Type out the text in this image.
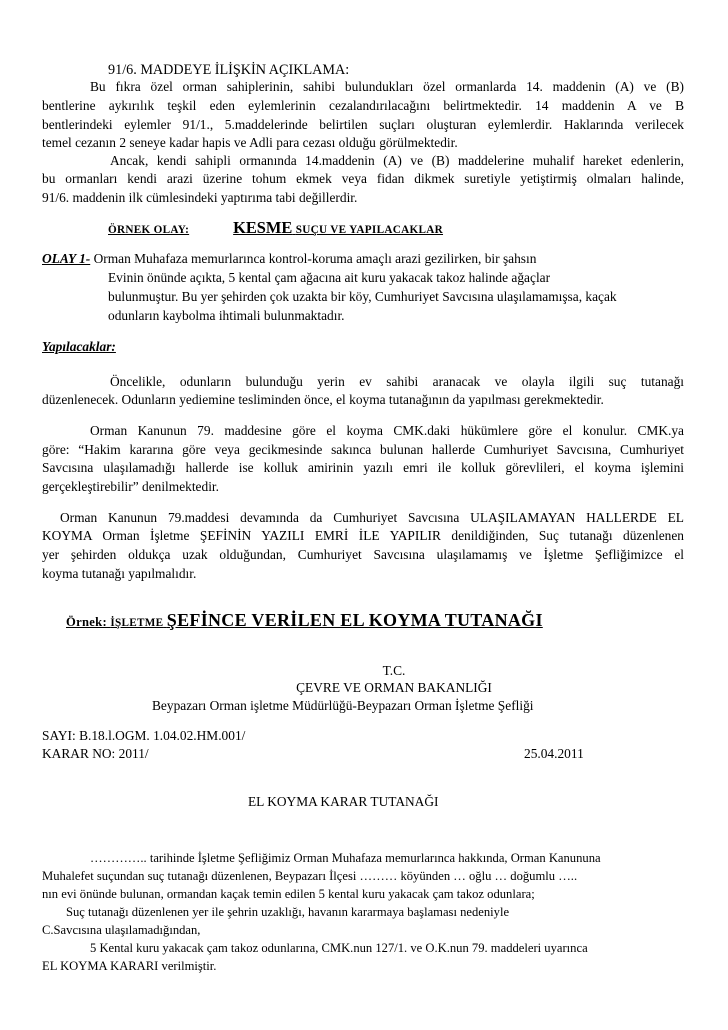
91/6. MADDEYE İLİŞKİN AÇIKLAMA:
Bu fıkra özel orman sahiplerinin, sahibi bulundukları özel ormanlarda 14. maddenin (A) ve (B)
bentlerine aykırılık teşkil eden eylemlerinin cezalandırılacağını belirtmektedir. 14 maddenin A ve B
bentlerindeki eylemler 91/1., 5.maddelerinde belirtilen suçları oluşturan eylemlerdir. Haklarında verilecek
temel cezanın 2 seneye kadar hapis ve Adli para cezası olduğu görülmektedir.
Ancak, kendi sahipli ormanında 14.maddenin (A) ve (B) maddelerine muhalif hareket edenlerin,
bu ormanları kendi arazi üzerine tohum ekmek veya fidan dikmek suretiyle yetiştirmiş olmaları halinde,
91/6. maddenin ilk cümlesindeki yaptırıma tabi değillerdir.
ÖRNEK OLAY:	KESME SUÇU VE YAPILACAKLAR
OLAY 1- Orman Muhafaza memurlarınca kontrol-koruma amaçlı arazi gezilirken, bir şahsın
Evinin önünde açıkta, 5 kental çam ağacına ait kuru yakacak takoz halinde ağaçlar
bulunmuştur. Bu yer şehirden çok uzakta bir köy, Cumhuriyet Savcısına ulaşılamamışsa, kaçak
odunların kaybolma ihtimali bulunmaktadır.
Yapılacaklar:
Öncelikle, odunların bulunduğu yerin ev sahibi aranacak ve olayla ilgili suç tutanağı
düzenlenecek. Odunların yediemine tesliminden önce, el koyma tutanağının da yapılması gerekmektedir.
Orman Kanunun 79. maddesine göre el koyma CMK.daki hükümlere göre el konulur. CMK.ya
göre: “Hakim kararına göre veya gecikmesinde sakınca bulunan hallerde Cumhuriyet Savcısına, Cumhuriyet
Savcısına ulaşılamadığı hallerde ise kolluk amirinin yazılı emri ile kolluk görevlileri, el koyma işlemini
gerçekleştirebilir” denilmektedir.
Orman Kanunun 79.maddesi devamında da Cumhuriyet Savcısına ULAŞILAMAYAN HALLERDE EL
KOYMA Orman İşletme ŞEFİNİN YAZILI EMRİ İLE YAPILIR denildiğinden, Suç tutanağı düzenlenen
yer şehirden oldukça uzak olduğundan, Cumhuriyet Savcısına ulaşılamamış ve İşletme Şefliğimizce el
koyma tutanağı yapılmalıdır.
Örnek: İŞLETME ŞEFİNCE VERİLEN EL KOYMA TUTANAĞI
T.C.
ÇEVRE VE ORMAN BAKANLIĞI
Beypazarı Orman işletme Müdürlüğü-Beypazarı Orman İşletme Şefliği
SAYI: B.18.l.OGM. 1.04.02.HM.001/
KARAR NO: 2011/	25.04.2011
EL KOYMA KARAR TUTANAĞI
………….. tarihinde İşletme Şefliğimiz Orman Muhafaza memurlarınca hakkında, Orman Kanununa
Muhalefet suçundan suç tutanağı düzenlenen, Beypazarı İlçesi ……… köyünden … oğlu … doğumlu …..
nın evi önünde bulunan, ormandan kaçak temin edilen 5 kental kuru yakacak çam takoz odunlara;
Suç tutanağı düzenlenen yer ile şehrin uzaklığı, havanın kararmaya başlaması nedeniyle
C.Savcısına ulaşılamadığından,
5 Kental kuru yakacak çam takoz odunlarına, CMK.nun 127/1. ve O.K.nun 79. maddeleri uyarınca
EL KOYMA KARARI verilmiştir.
